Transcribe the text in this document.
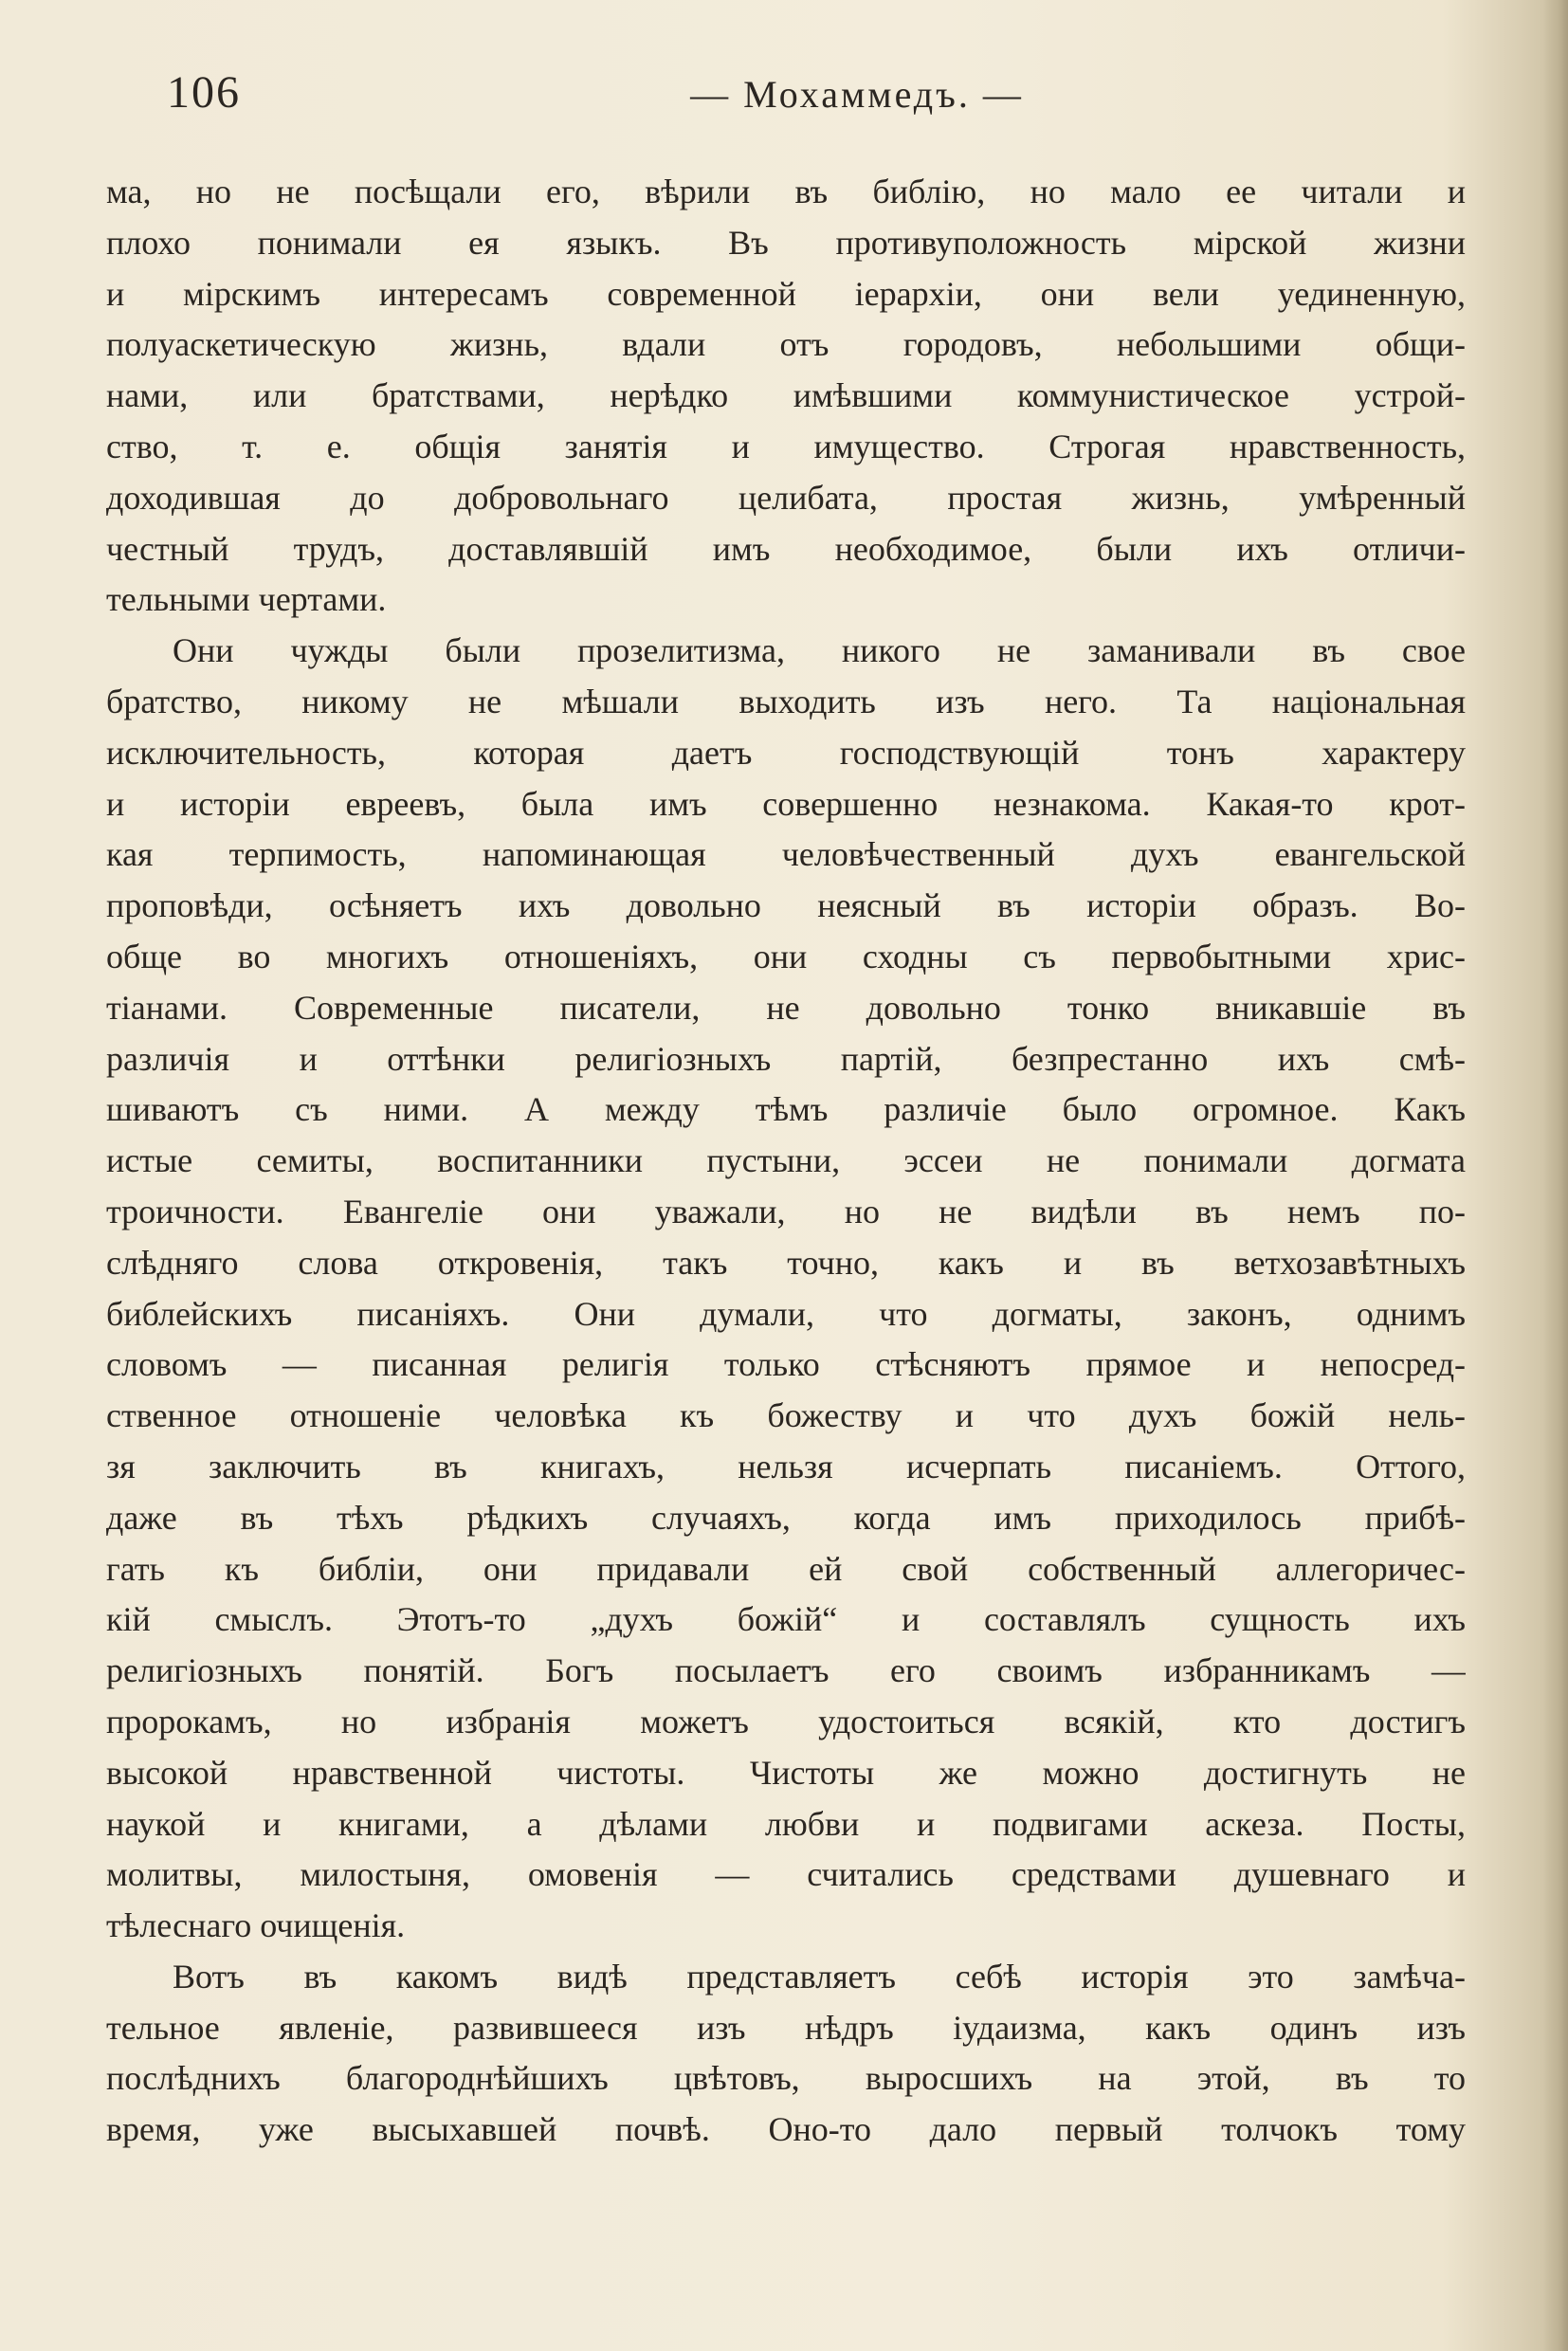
106	— Мохаммедъ. —
ма, но не посѣщали его, вѣрили въ библію, но мало ее читали и
плохо понимали ея языкъ. Въ противуположность мірской жизни
и мірскимъ интересамъ современной іерархіи, они вели уединенную,
полуаскетическую жизнь, вдали отъ городовъ, небольшими общи-
нами, или братствами, нерѣдко имѣвшими коммунистическое устрой-
ство, т. е. общія занятія и имущество. Строгая нравственность,
доходившая до добровольнаго целибата, простая жизнь, умѣренный
честный трудъ, доставлявшій имъ необходимое, были ихъ отличи-
тельными чертами.
Они чужды были прозелитизма, никого не заманивали въ свое
братство, никому не мѣшали выходить изъ него. Та національная
исключительность, которая даетъ господствующій тонъ характеру
и исторіи евреевъ, была имъ совершенно незнакома. Какая-то крот-
кая терпимость, напоминающая человѣчественный духъ евангельской
проповѣди, осѣняетъ ихъ довольно неясный въ исторіи образъ. Во-
обще во многихъ отношеніяхъ, они сходны съ первобытными хрис-
тіанами. Современные писатели, не довольно тонко вникавшіе въ
различія и оттѣнки религіозныхъ партій, безпрестанно ихъ смѣ-
шиваютъ съ ними. А между тѣмъ различіе было огромное. Какъ
истые семиты, воспитанники пустыни, эссеи не понимали догмата
троичности. Евангеліе они уважали, но не видѣли въ немъ по-
слѣдняго слова откровенія, такъ точно, какъ и въ ветхозавѣтныхъ
библейскихъ писаніяхъ. Они думали, что догматы, законъ, однимъ
словомъ — писанная религія только стѣсняютъ прямое и непосред-
ственное отношеніе человѣка къ божеству и что духъ божій нель-
зя заключить въ книгахъ, нельзя исчерпать писаніемъ. Оттого,
даже въ тѣхъ рѣдкихъ случаяхъ, когда имъ приходилось прибѣ-
гать къ библіи, они придавали ей свой собственный аллегоричес-
кій смыслъ. Этотъ-то „духъ божій“ и составлялъ сущность ихъ
религіозныхъ понятій. Богъ посылаетъ его своимъ избранникамъ —
пророкамъ, но избранія можетъ удостоиться всякій, кто достигъ
высокой нравственной чистоты. Чистоты же можно достигнуть не
наукой и книгами, а дѣлами любви и подвигами аскеза. Посты,
молитвы, милостыня, омовенія — считались средствами душевнаго и
тѣлеснаго очищенія.
Вотъ въ какомъ видѣ представляетъ себѣ исторія это замѣча-
тельное явленіе, развившееся изъ нѣдръ іудаизма, какъ одинъ изъ
послѣднихъ благороднѣйшихъ цвѣтовъ, выросшихъ на этой, въ то
время, уже высыхавшей почвѣ. Оно-то дало первый толчокъ тому
